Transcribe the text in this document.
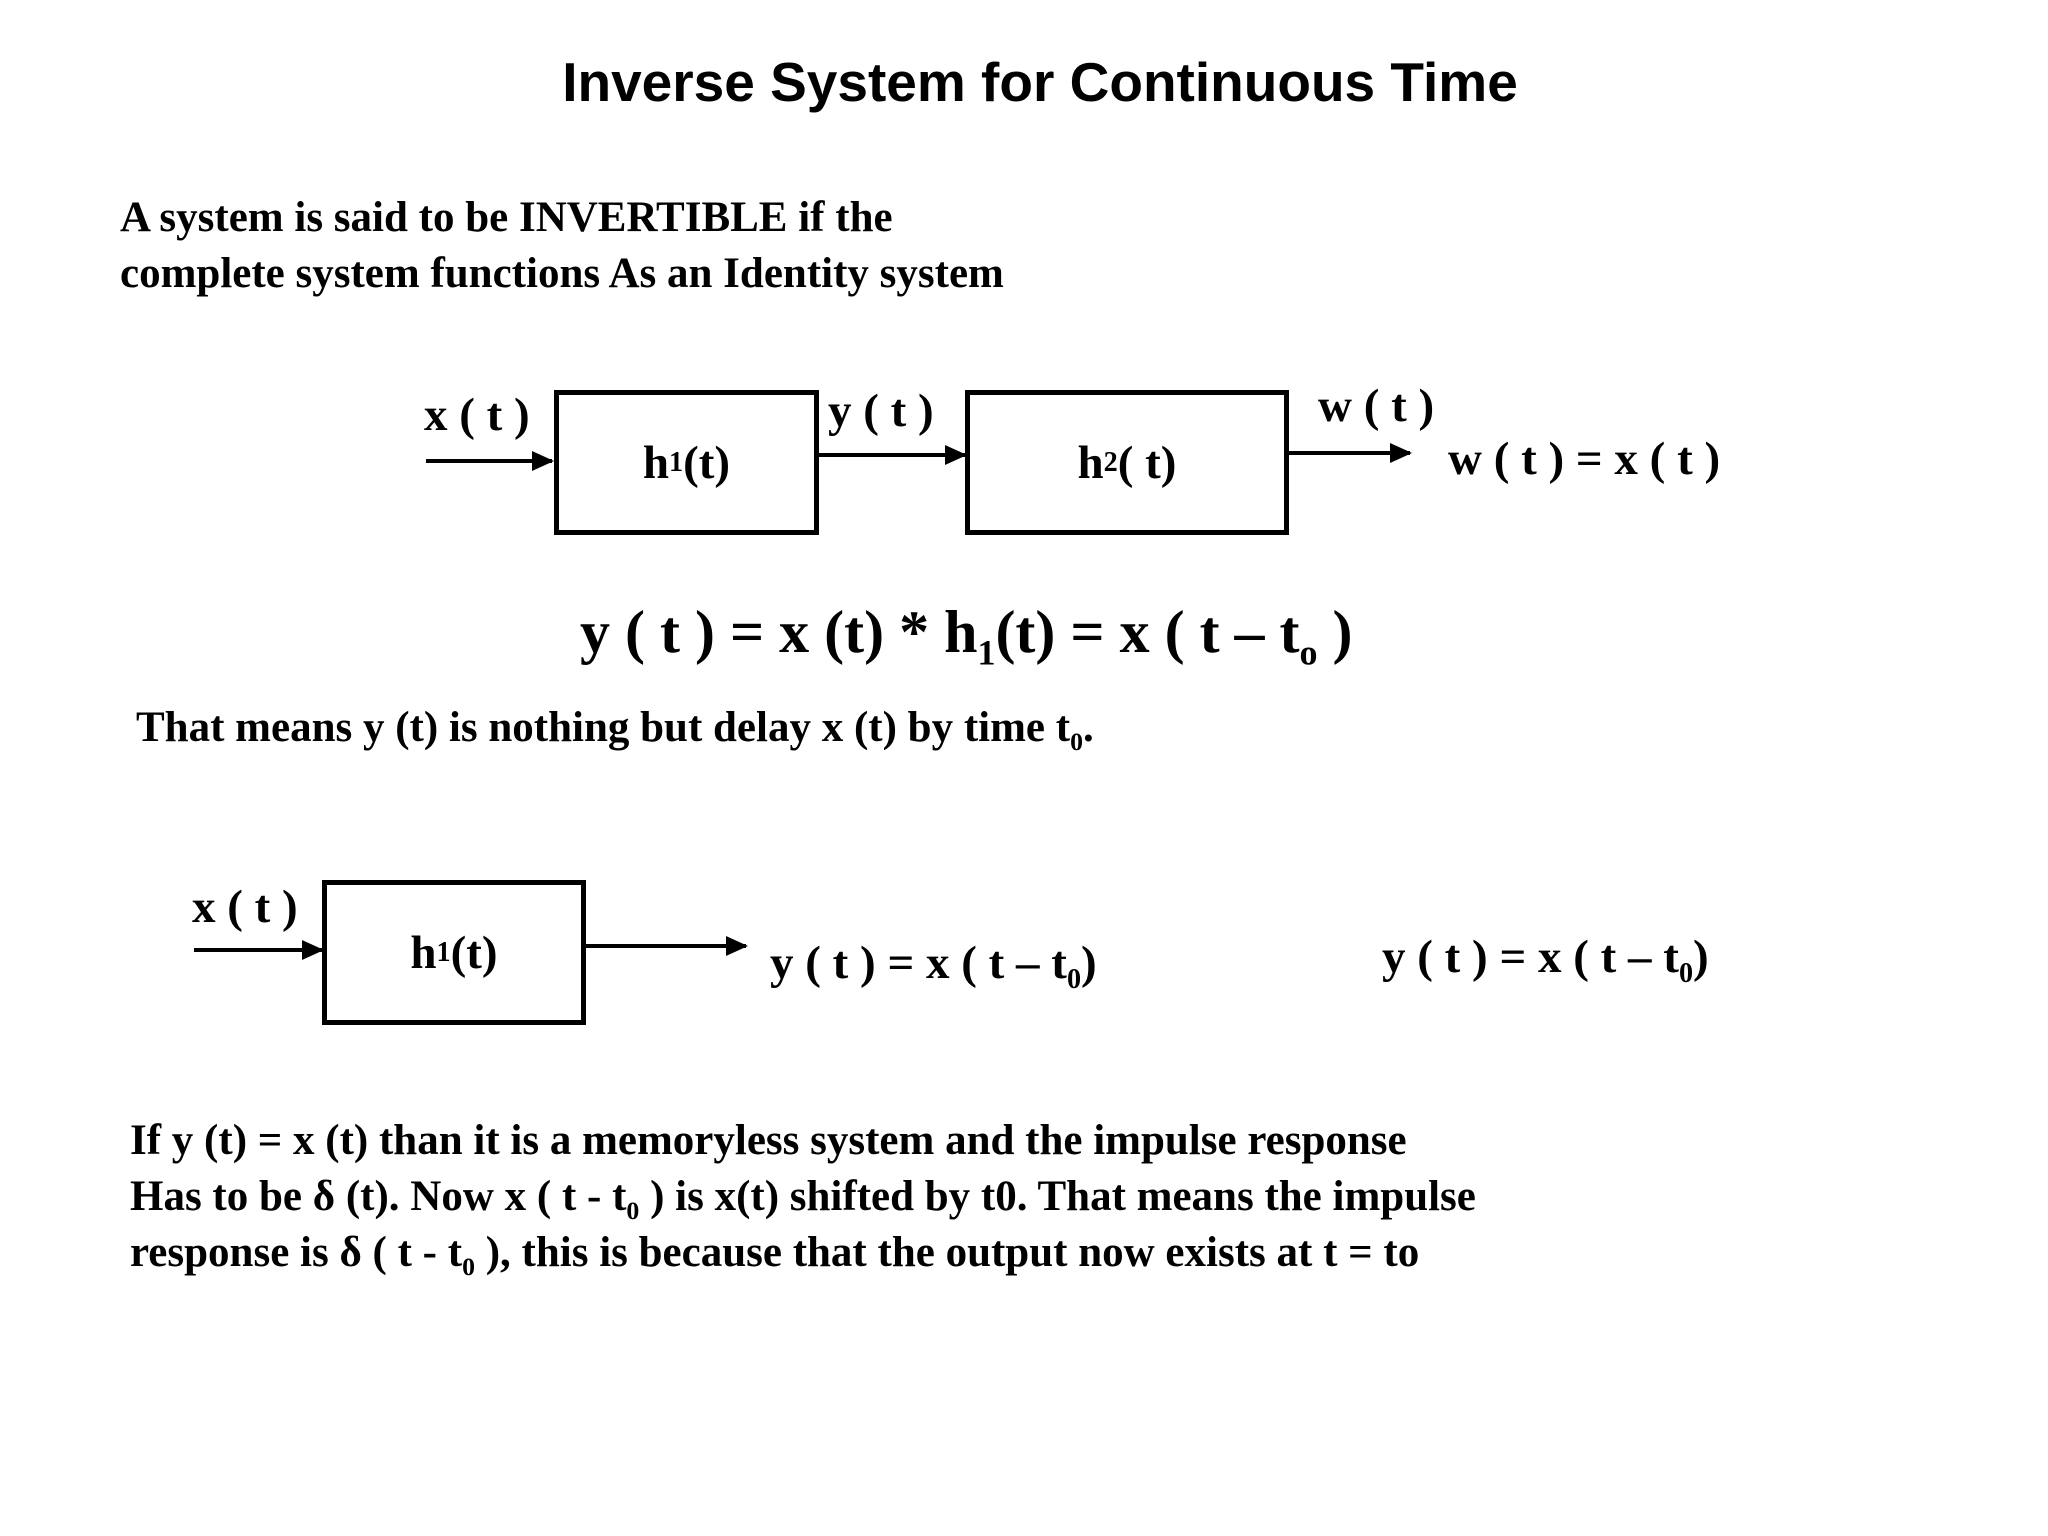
Inverse System for Continuous Time
A system is said to be INVERTIBLE if the
complete system functions As an Identity system
x ( t )
h 1 (t)
y ( t )
h 2 ( t)
w ( t )
w ( t ) = x ( t )
y ( t ) = x $(t) * h_1(t) = x$ ( t – $t_o$ )
That means y (t) is nothing but delay x (t) by time $t_0$.
x ( t )
h 1 (t)	y ( t ) = x ( t – $t_0$)	y ( t ) = x ( t – $t_0$)
If y (t) = x (t) than it is a memoryless system and the impulse response
Has to be δ (t). Now x ( t - $t_0$ ) is x(t) shifted by t0. That means the impulse
response is δ ( t - $t_0$ ), this is because that the output now exists at t = to
